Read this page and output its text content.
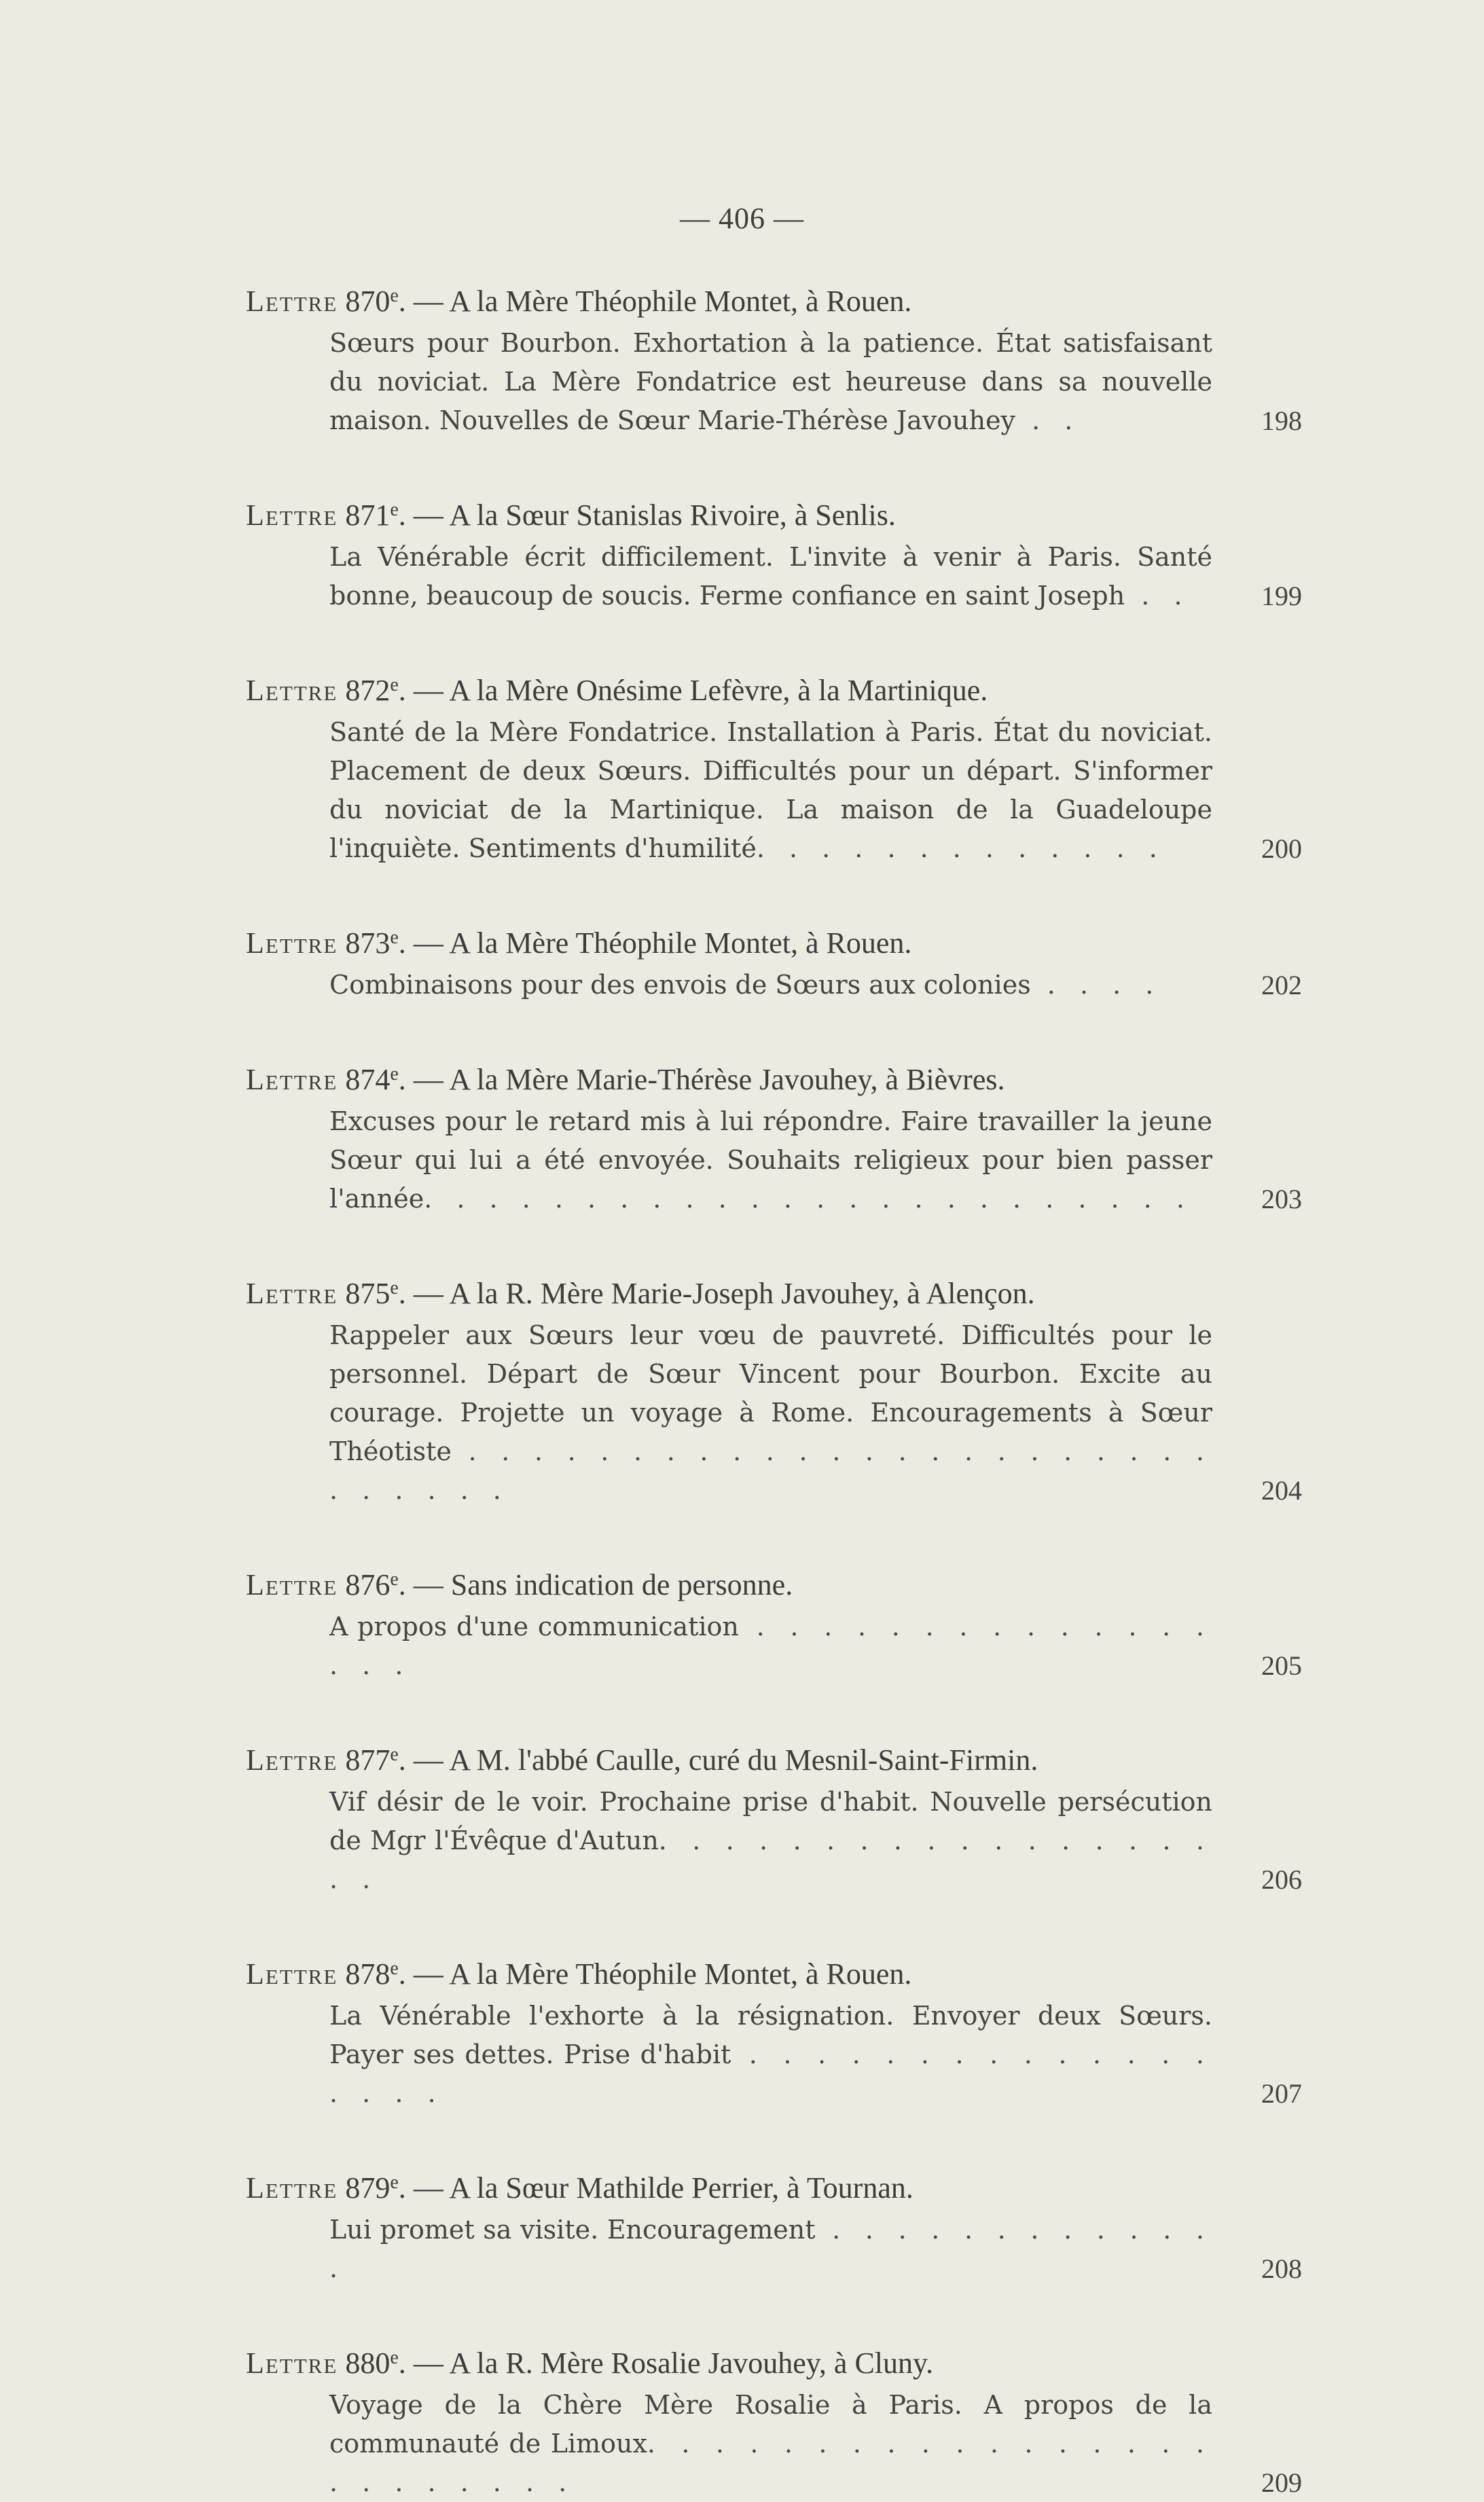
— 406 —
Lettre 870e. — A la Mère Théophile Montet, à Rouen.
Sœurs pour Bourbon. Exhortation à la patience. État satisfaisant du noviciat. La Mère Fondatrice est heureuse dans sa nouvelle maison. Nouvelles de Sœur Marie-Thérèse Javouhey . .	198
Lettre 871e. — A la Sœur Stanislas Rivoire, à Senlis.
La Vénérable écrit difficilement. L'invite à venir à Paris. Santé bonne, beaucoup de soucis. Ferme confiance en saint Joseph . .	199
Lettre 872e. — A la Mère Onésime Lefèvre, à la Martinique.
Santé de la Mère Fondatrice. Installation à Paris. État du noviciat. Placement de deux Sœurs. Difficultés pour un départ. S'informer du noviciat de la Martinique. La maison de la Guadeloupe l'inquiète. Sentiments d'humilité. . . . . . . . . . . . .	200
Lettre 873e. — A la Mère Théophile Montet, à Rouen.
Combinaisons pour des envois de Sœurs aux colonies . . . .	202
Lettre 874e. — A la Mère Marie-Thérèse Javouhey, à Bièvres.
Excuses pour le retard mis à lui répondre. Faire travailler la jeune Sœur qui lui a été envoyée. Souhaits religieux pour bien passer l'année. . . . . . . . . . . . . . . . . . . . . . . .	203
Lettre 875e. — A la R. Mère Marie-Joseph Javouhey, à Alençon.
Rappeler aux Sœurs leur vœu de pauvreté. Difficultés pour le personnel. Départ de Sœur Vincent pour Bourbon. Excite au courage. Projette un voyage à Rome. Encouragements à Sœur Théotiste . . . . . . . . . . . . . . . . . . . . . . . . . . . . .	204
Lettre 876e. — Sans indication de personne.
A propos d'une communication . . . . . . . . . . . . . . . . .	205
Lettre 877e. — A M. l'abbé Caulle, curé du Mesnil-Saint-Firmin.
Vif désir de le voir. Prochaine prise d'habit. Nouvelle persécution de Mgr l'Évêque d'Autun. . . . . . . . . . . . . . . . . . .	206
Lettre 878e. — A la Mère Théophile Montet, à Rouen.
La Vénérable l'exhorte à la résignation. Envoyer deux Sœurs. Payer ses dettes. Prise d'habit . . . . . . . . . . . . . . . . . .	207
Lettre 879e. — A la Sœur Mathilde Perrier, à Tournan.
Lui promet sa visite. Encouragement . . . . . . . . . . . . .	208
Lettre 880e. — A la R. Mère Rosalie Javouhey, à Cluny.
Voyage de la Chère Mère Rosalie à Paris. A propos de la communauté de Limoux. . . . . . . . . . . . . . . . . . . . . . . . .	209
